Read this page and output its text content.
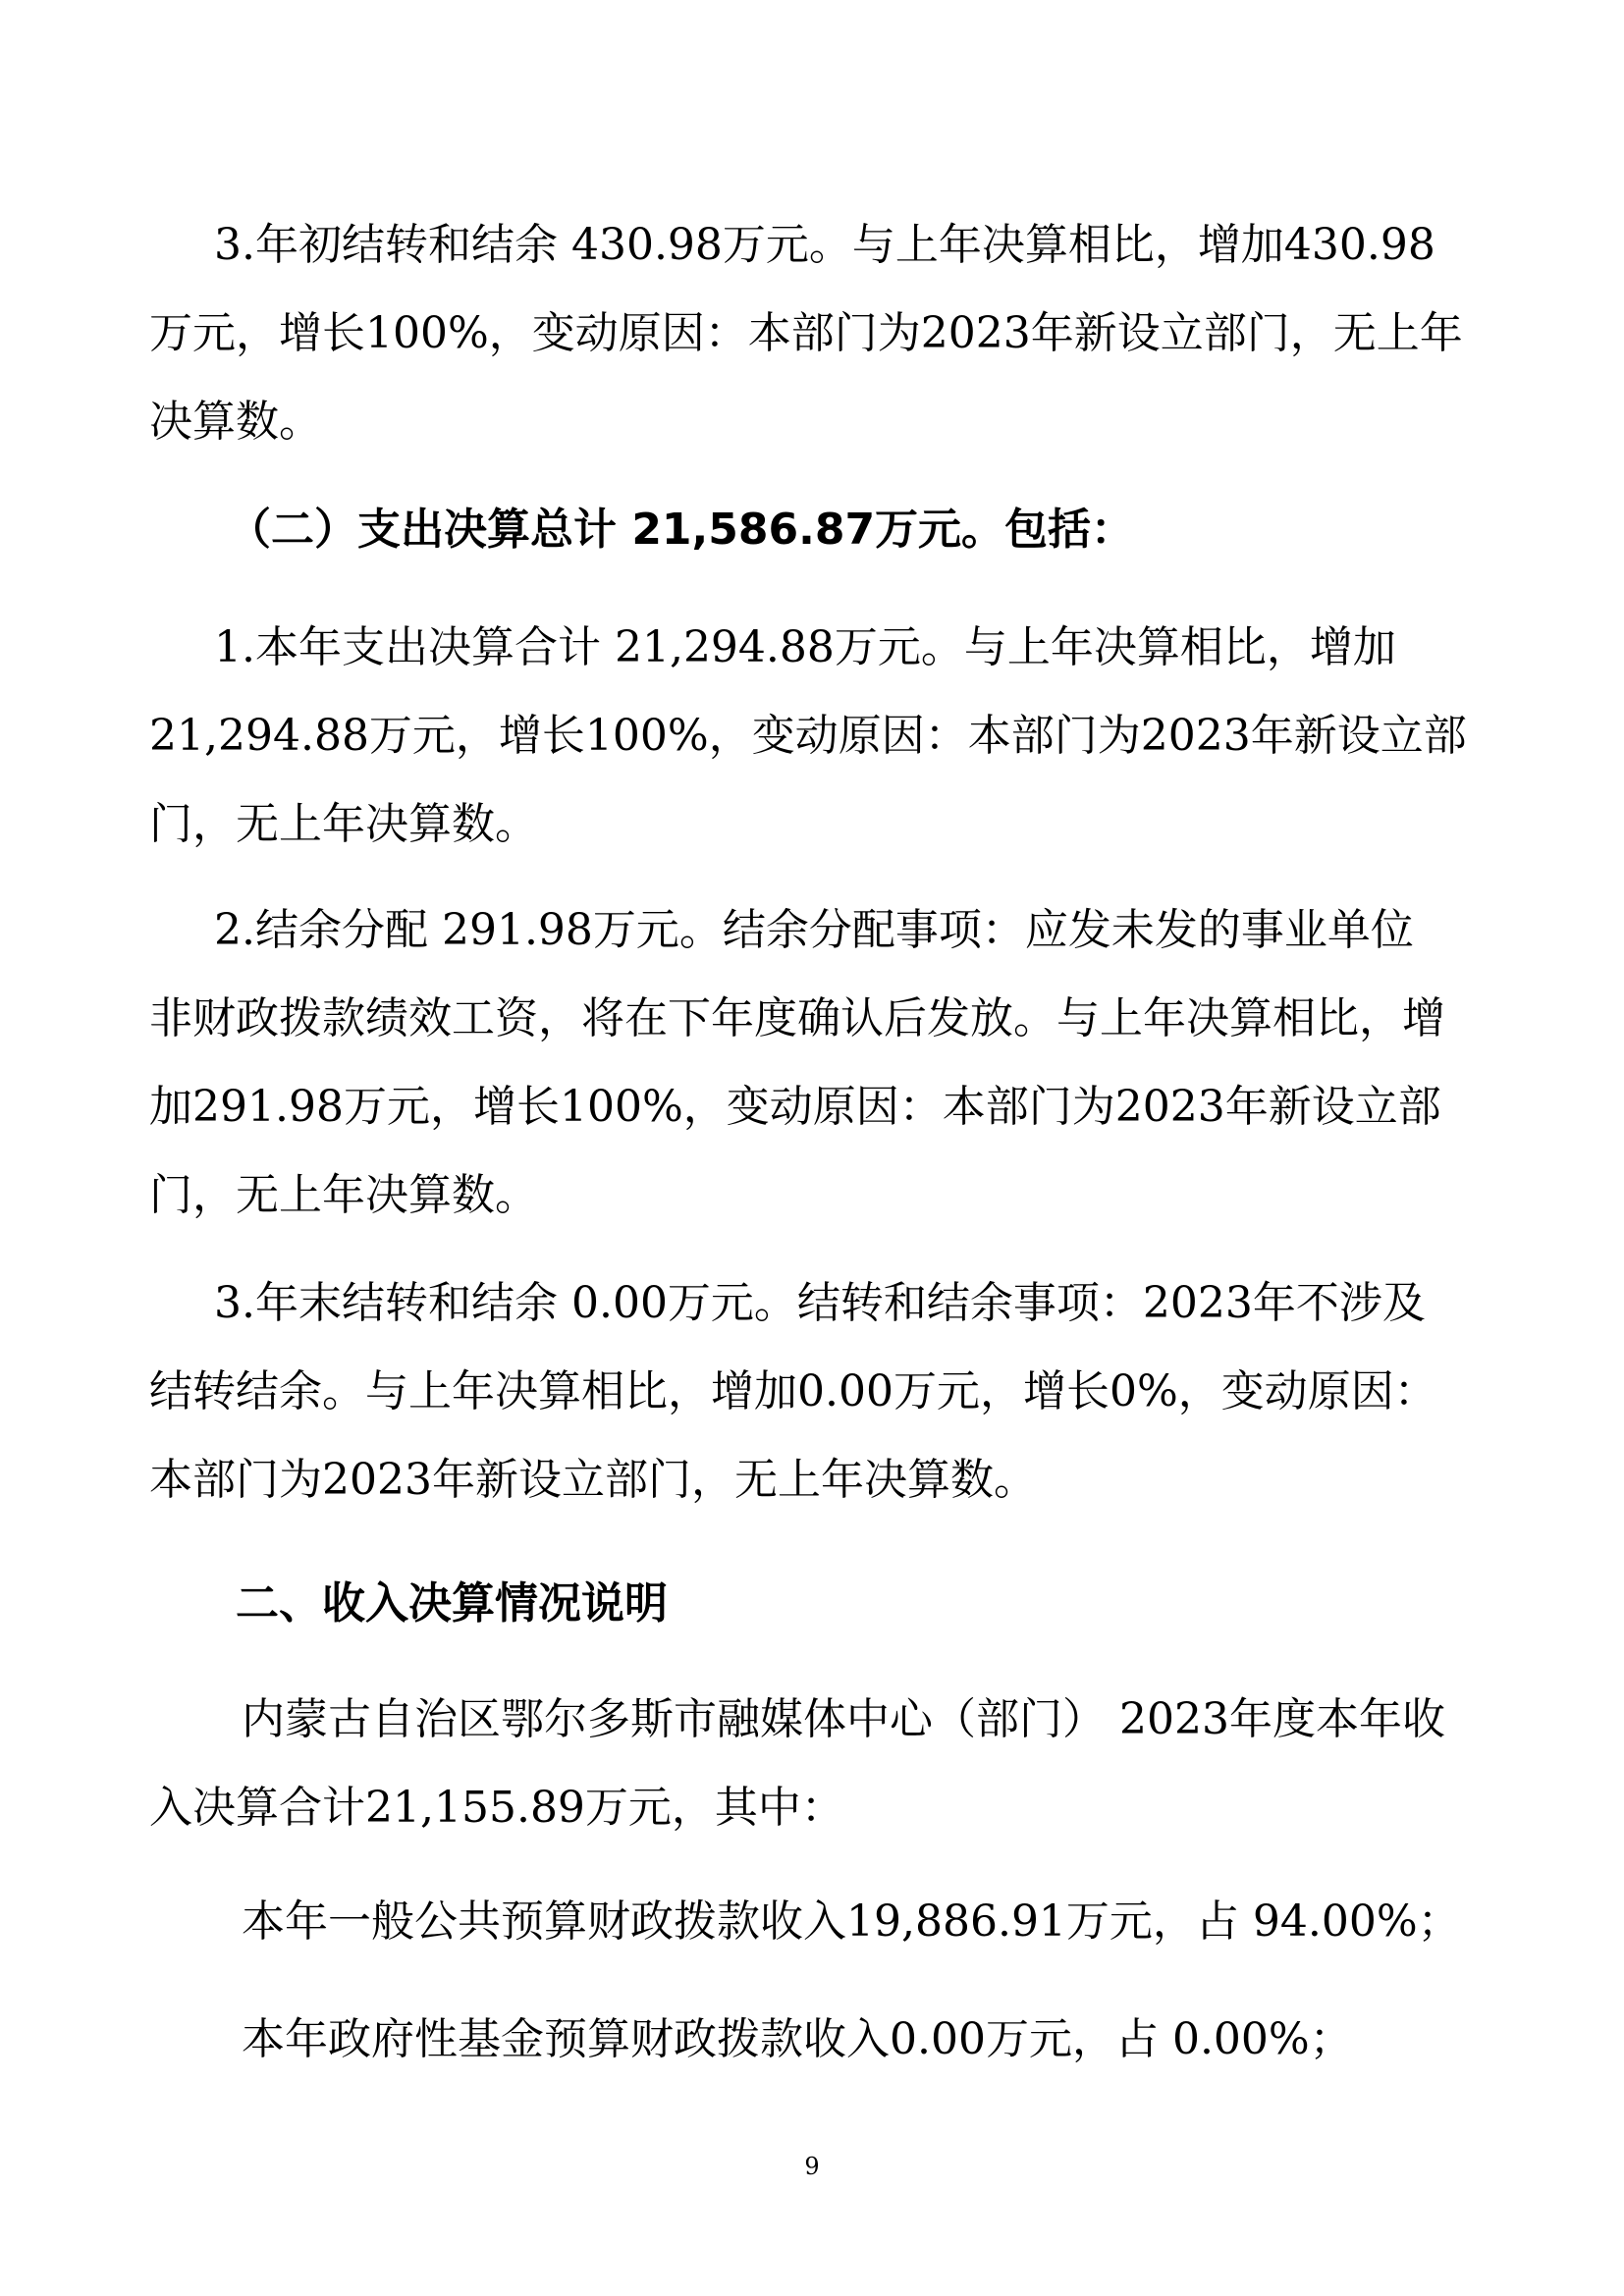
3.年初结转和结余 430.98万元。与上年决算相比，增加430.98
万元，增长100%，变动原因：本部门为2023年新设立部门，无上年
决算数。
（二）支出决算总计 21,586.87万元。包括：
1.本年支出决算合计 21,294.88万元。与上年决算相比，增加
21,294.88万元，增长100%，变动原因：本部门为2023年新设立部
门，无上年决算数。
2.结余分配 291.98万元。结余分配事项：应发未发的事业单位
非财政拨款绩效工资，将在下年度确认后发放。与上年决算相比，增
加291.98万元，增长100%，变动原因：本部门为2023年新设立部
门，无上年决算数。
3.年末结转和结余 0.00万元。结转和结余事项：2023年不涉及
结转结余。与上年决算相比，增加0.00万元，增长0%，变动原因：
本部门为2023年新设立部门，无上年决算数。
二、收入决算情况说明
内蒙古自治区鄂尔多斯市融媒体中心（部门） 2023年度本年收
入决算合计21,155.89万元，其中：
本年一般公共预算财政拨款收入19,886.91万元，占 94.00%；
本年政府性基金预算财政拨款收入0.00万元，占 0.00%；
9
